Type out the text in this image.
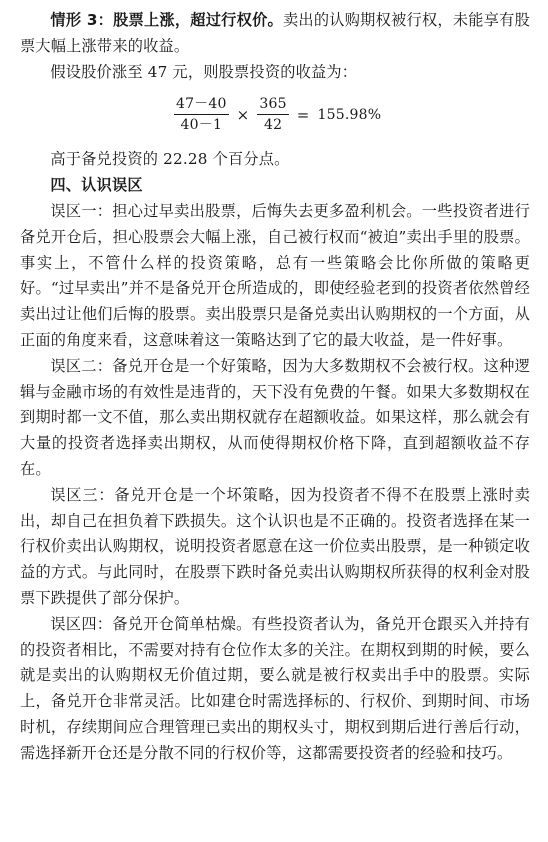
情形 3：股票上涨，超过行权价。卖出的认购期权被行权，未能享有股票大幅上涨带来的收益。

假设股价涨至 47 元，则股票投资的收益为：

$\frac{47-40}{40-1} \times \frac{365}{42} = 155.98\%$

高于备兑投资的 22.28 个百分点。

四、认识误区

误区一：担心过早卖出股票，后悔失去更多盈利机会。一些投资者进行备兑开仓后，担心股票会大幅上涨，自己被行权而“被迫”卖出手里的股票。事实上，不管什么样的投资策略，总有一些策略会比你所做的策略更好。“过早卖出”并不是备兑开仓所造成的，即使经验老到的投资者依然曾经卖出过让他们后悔的股票。卖出股票只是备兑卖出认购期权的一个方面，从正面的角度来看，这意味着这一策略达到了它的最大收益，是一件好事。

误区二：备兑开仓是一个好策略，因为大多数期权不会被行权。这种逻辑与金融市场的有效性是违背的，天下没有免费的午餐。如果大多数期权在到期时都一文不值，那么卖出期权就存在超额收益。如果这样，那么就会有大量的投资者选择卖出期权，从而使得期权价格下降，直到超额收益不存在。

误区三：备兑开仓是一个坏策略，因为投资者不得不在股票上涨时卖出，却自己在担负着下跌损失。这个认识也是不正确的。投资者选择在某一行权价卖出认购期权，说明投资者愿意在这一价位卖出股票，是一种锁定收益的方式。与此同时，在股票下跌时备兑卖出认购期权所获得的权利金对股票下跌提供了部分保护。

误区四：备兑开仓简单枯燥。有些投资者认为，备兑开仓跟买入并持有的投资者相比，不需要对持有仓位作太多的关注。在期权到期的时候，要么就是卖出的认购期权无价值过期，要么就是被行权卖出手中的股票。实际上，备兑开仓非常灵活。比如建仓时需选择标的、行权价、到期时间、市场时机，存续期间应合理管理已卖出的期权头寸，期权到期后进行善后行动，需选择新开仓还是分散不同的行权价等，这都需要投资者的经验和技巧。
